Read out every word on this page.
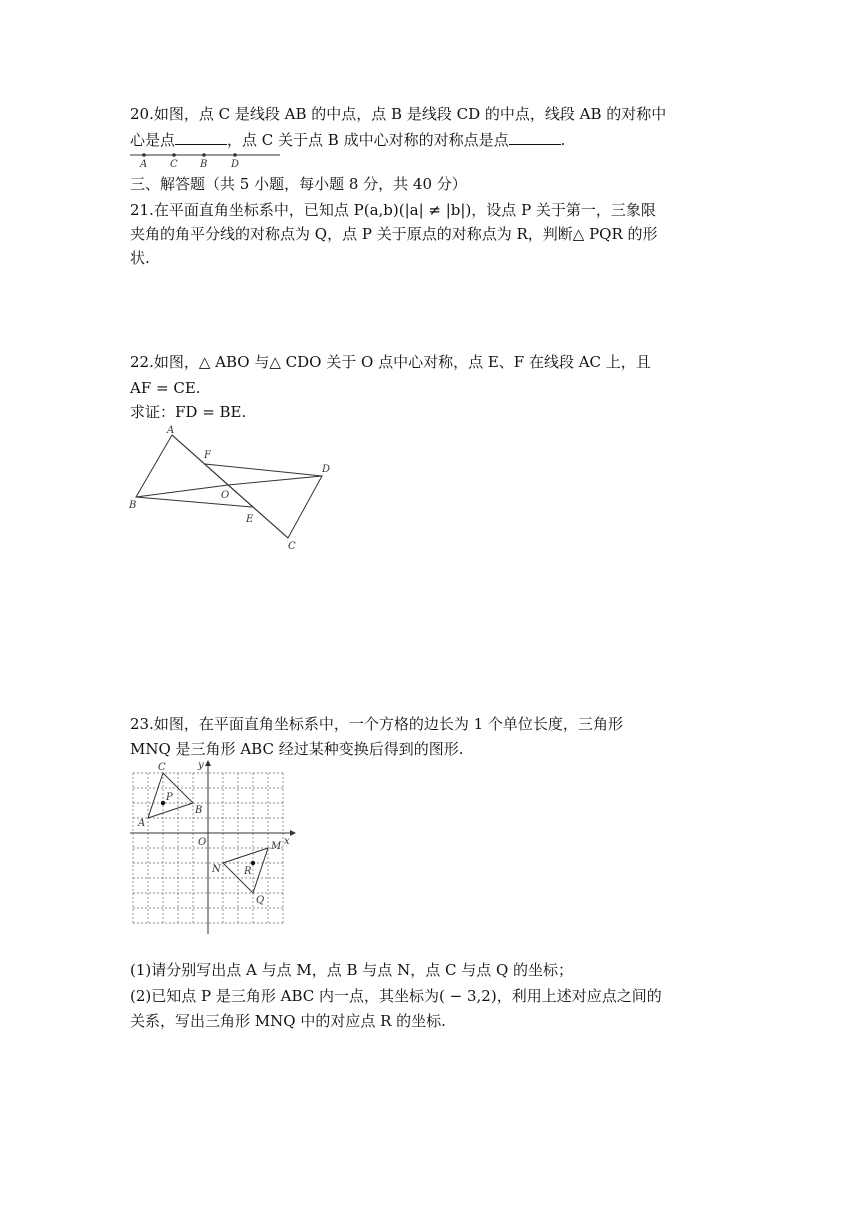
20.如图，点 C 是线段 AB 的中点，点 B 是线段 CD 的中点，线段 AB 的对称中
心是点	，点 C 关于点 B 成中心对称的对称点是点	.
A C B D
三、解答题（共 5 小题，每小题 8 分，共 40 分）
21.在平面直角坐标系中，已知点 P(a,b)(|a| ≠ |b|)，设点 P 关于第一，三象限
夹角的角平分线的对称点为 Q，点 P 关于原点的对称点为 R，判断△ PQR 的形
状.
22.如图，△ ABO 与△ CDO 关于 O 点中心对称，点 E、F 在线段 AC 上，且
AF = CE.
求证：FD = BE.
A
F
D
O
B
E
C
23.如图，在平面直角坐标系中，一个方格的边长为 1 个单位长度，三角形
MNQ 是三角形 ABC 经过某种变换后得到的图形.
C	y
P
B
A
O	x
M
N R
Q
(1)请分别写出点 A 与点 M，点 B 与点 N，点 C 与点 Q 的坐标；
(2)已知点 P 是三角形 ABC 内一点，其坐标为( − 3,2)，利用上述对应点之间的
关系，写出三角形 MNQ 中的对应点 R 的坐标.
